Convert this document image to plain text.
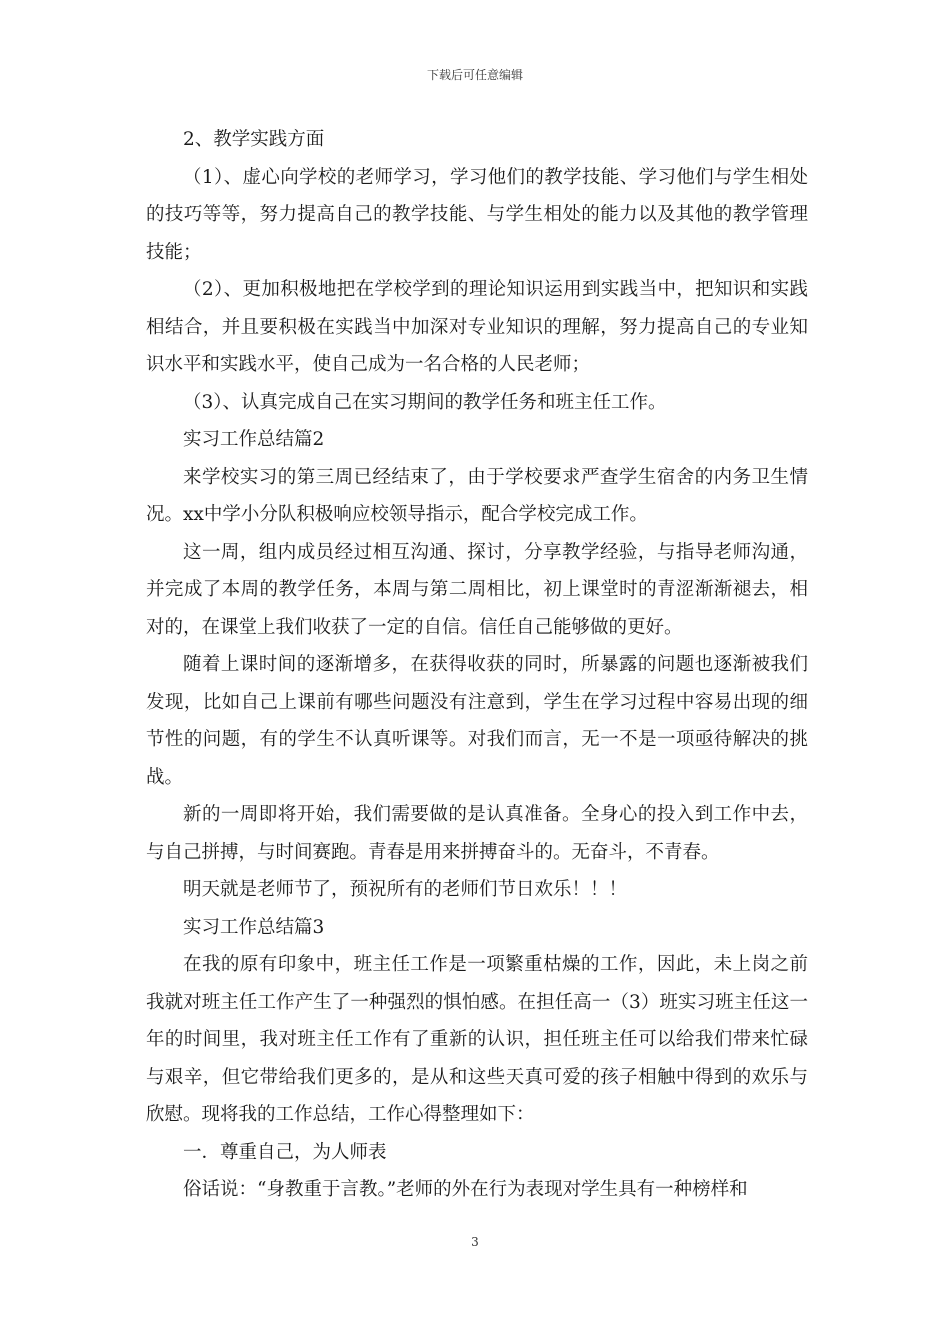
下载后可任意编辑

2、教学实践方面

（1）、虚心向学校的老师学习，学习他们的教学技能、学习他们与学生相处的技巧等等，努力提高自己的教学技能、与学生相处的能力以及其他的教学管理技能；

（2）、更加积极地把在学校学到的理论知识运用到实践当中，把知识和实践相结合，并且要积极在实践当中加深对专业知识的理解，努力提高自己的专业知识水平和实践水平，使自己成为一名合格的人民老师；

（3）、认真完成自己在实习期间的教学任务和班主任工作。

实习工作总结篇2

来学校实习的第三周已经结束了，由于学校要求严查学生宿舍的内务卫生情况。xx中学小分队积极响应校领导指示，配合学校完成工作。

这一周，组内成员经过相互沟通、探讨，分享教学经验，与指导老师沟通，并完成了本周的教学任务，本周与第二周相比，初上课堂时的青涩渐渐褪去，相对的，在课堂上我们收获了一定的自信。信任自己能够做的更好。

随着上课时间的逐渐增多，在获得收获的同时，所暴露的问题也逐渐被我们发现，比如自己上课前有哪些问题没有注意到，学生在学习过程中容易出现的细节性的问题，有的学生不认真听课等。对我们而言，无一不是一项亟待解决的挑战。

新的一周即将开始，我们需要做的是认真准备。全身心的投入到工作中去，与自己拼搏，与时间赛跑。青春是用来拼搏奋斗的。无奋斗，不青春。

明天就是老师节了，预祝所有的老师们节日欢乐！！！

实习工作总结篇3

在我的原有印象中，班主任工作是一项繁重枯燥的工作，因此，未上岗之前我就对班主任工作产生了一种强烈的惧怕感。在担任高一（3）班实习班主任这一年的时间里，我对班主任工作有了重新的认识，担任班主任可以给我们带来忙碌与艰辛，但它带给我们更多的，是从和这些天真可爱的孩子相触中得到的欢乐与欣慰。现将我的工作总结，工作心得整理如下：

一．尊重自己，为人师表

俗话说：“身教重于言教。”老师的外在行为表现对学生具有一种榜样和

3
